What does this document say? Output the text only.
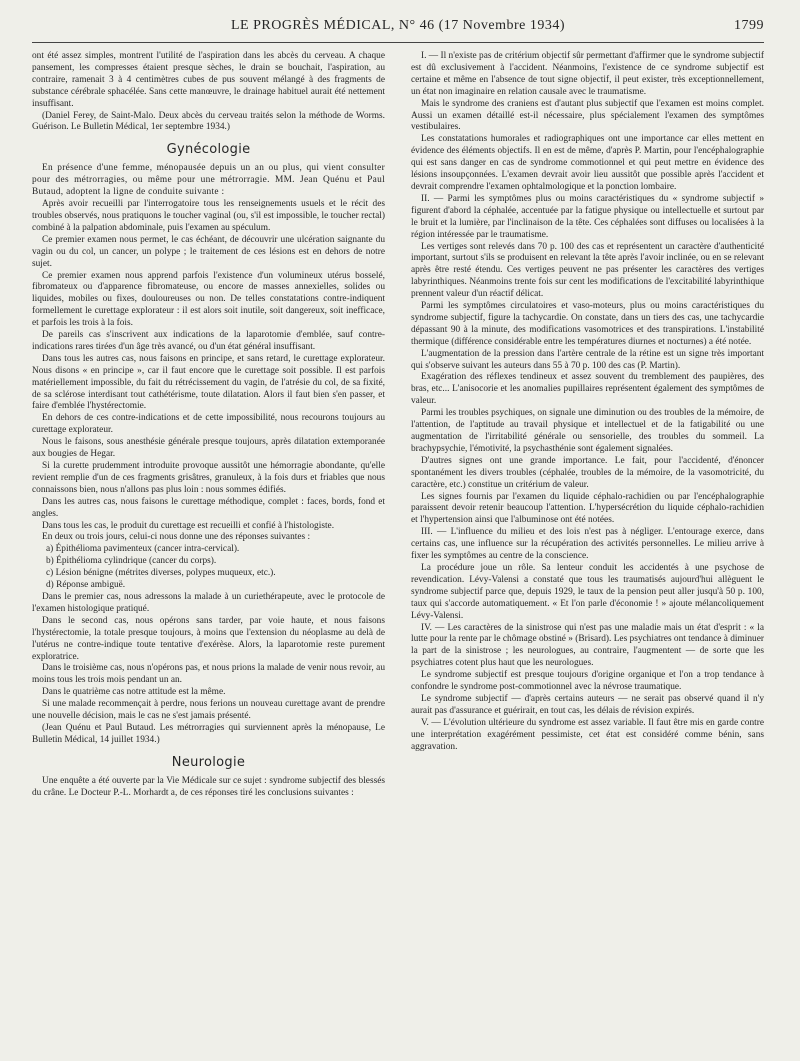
LE PROGRÈS MÉDICAL, N° 46 (17 Novembre 1934)	1799

ont été assez simples, montrent l'utilité de l'aspiration dans les abcès du cerveau. A chaque pansement, les compresses étaient presque sèches, le drain se bouchait, l'aspiration, au contraire, ramenait 3 à 4 centimètres cubes de pus souvent mélangé à des fragments de substance cérébrale sphacélée. Sans cette manœuvre, le drainage habituel aurait été nettement insuffisant.

(Daniel Ferey, de Saint-Malo. Deux abcès du cerveau traités selon la méthode de Worms. Guérison. Le Bulletin Médical, 1er septembre 1934.)

Gynécologie

En présence d'une femme, ménopausée depuis un an ou plus, qui vient consulter pour des métrorragies, ou même pour une métrorragie. MM. Jean Quénu et Paul Butaud, adoptent la ligne de conduite suivante :

Après avoir recueilli par l'interrogatoire tous les renseignements usuels et le récit des troubles observés, nous pratiquons le toucher vaginal (ou, s'il est impossible, le toucher rectal) combiné à la palpation abdominale, puis l'examen au spéculum.

Ce premier examen nous permet, le cas échéant, de découvrir une ulcération saignante du vagin ou du col, un cancer, un polype ; le traitement de ces lésions est en dehors de notre sujet.

Ce premier examen nous apprend parfois l'existence d'un volumineux utérus bosselé, fibromateux ou d'apparence fibromateuse, ou encore de masses annexielles, solides ou liquides, mobiles ou fixes, douloureuses ou non. De telles constatations contre-indiquent formellement le curettage explorateur : il est alors soit inutile, soit dangereux, soit inefficace, et parfois les trois à la fois.

De pareils cas s'inscrivent aux indications de la laparotomie d'emblée, sauf contre-indications rares tirées d'un âge très avancé, ou d'un état général insuffisant.

Dans tous les autres cas, nous faisons en principe, et sans retard, le curettage explorateur. Nous disons « en principe », car il faut encore que le curettage soit possible. Il est parfois matériellement impossible, du fait du rétrécissement du vagin, de l'atrésie du col, de sa fixité, de sa sclérose interdisant tout cathétérisme, toute dilatation. Alors il faut bien s'en passer, et faire d'emblée l'hystérectomie.

En dehors de ces contre-indications et de cette impossibilité, nous recourons toujours au curettage explorateur.

Nous le faisons, sous anesthésie générale presque toujours, après dilatation extemporanée aux bougies de Hegar.

Si la curette prudemment introduite provoque aussitôt une hémorragie abondante, qu'elle revient remplie d'un de ces fragments grisâtres, granuleux, à la fois durs et friables que nous connaissons bien, nous n'allons pas plus loin : nous sommes édifiés.

Dans les autres cas, nous faisons le curettage méthodique, complet : faces, bords, fond et angles.

Dans tous les cas, le produit du curettage est recueilli et confié à l'histologiste.

En deux ou trois jours, celui-ci nous donne une des réponses suivantes :

a) Épithélioma pavimenteux (cancer intra-cervical).

b) Épithélioma cylindrique (cancer du corps).

c) Lésion bénigne (métrites diverses, polypes muqueux, etc.).

d) Réponse ambiguë.

Dans le premier cas, nous adressons la malade à un curiethérapeute, avec le protocole de l'examen histologique pratiqué.

Dans le second cas, nous opérons sans tarder, par voie haute, et nous faisons l'hystérectomie, la totale presque toujours, à moins que l'extension du néoplasme au delà de l'utérus ne contre-indique toute tentative d'exérèse. Alors, la laparotomie reste purement exploratrice.

Dans le troisième cas, nous n'opérons pas, et nous prions la malade de venir nous revoir, au moins tous les trois mois pendant un an.

Dans le quatrième cas notre attitude est la même.

Si une malade recommençait à perdre, nous ferions un nouveau curettage avant de prendre une nouvelle décision, mais le cas ne s'est jamais présenté.

(Jean Quénu et Paul Butaud. Les métrorragies qui surviennent après la ménopause, Le Bulletin Médical, 14 juillet 1934.)

Neurologie

Une enquête a été ouverte par la Vie Médicale sur ce sujet : syndrome subjectif des blessés du crâne. Le Docteur P.-L. Morhardt a, de ces réponses tiré les conclusions suivantes :

I. — Il n'existe pas de critérium objectif sûr permettant d'affirmer que le syndrome subjectif est dû exclusivement à l'accident. Néanmoins, l'existence de ce syndrome subjectif est certaine et même en l'absence de tout signe objectif, il peut exister, très exceptionnellement, un état non imaginaire en relation causale avec le traumatisme.

Mais le syndrome des craniens est d'autant plus subjectif que l'examen est moins complet. Aussi un examen détaillé est-il nécessaire, plus spécialement l'examen des symptômes vestibulaires.

Les constatations humorales et radiographiques ont une importance car elles mettent en évidence des éléments objectifs. Il en est de même, d'après P. Martin, pour l'encéphalographie qui est sans danger en cas de syndrome commotionnel et qui peut mettre en évidence des lésions insoupçonnées. L'examen devrait avoir lieu aussitôt que possible après l'accident et devrait comprendre l'examen ophtalmologique et la ponction lombaire.

II. — Parmi les symptômes plus ou moins caractéristiques du « syndrome subjectif » figurent d'abord la céphalée, accentuée par la fatigue physique ou intellectuelle et surtout par le bruit et la lumière, par l'inclinaison de la tête. Ces céphalées sont diffuses ou localisées à la région intéressée par le traumatisme.

Les vertiges sont relevés dans 70 p. 100 des cas et représentent un caractère d'authenticité important, surtout s'ils se produisent en relevant la tête après l'avoir inclinée, ou en se relevant après être resté étendu. Ces vertiges peuvent ne pas présenter les caractères des vertiges labyrinthiques. Néanmoins trente fois sur cent les modifications de l'excitabilité labyrinthique prennent valeur d'un réactif délicat.

Parmi les symptômes circulatoires et vaso-moteurs, plus ou moins caractéristiques du syndrome subjectif, figure la tachycardie. On constate, dans un tiers des cas, une tachycardie dépassant 90 à la minute, des modifications vasomotrices et des transpirations. L'instabilité thermique (différence considérable entre les températures diurnes et nocturnes) a été notée.

L'augmentation de la pression dans l'artère centrale de la rétine est un signe très important qui s'observe suivant les auteurs dans 55 à 70 p. 100 des cas (P. Martin).

Exagération des réflexes tendineux et assez souvent du tremblement des paupières, des bras, etc... L'anisocorie et les anomalies pupillaires représentent également des symptômes de valeur.

Parmi les troubles psychiques, on signale une diminution ou des troubles de la mémoire, de l'attention, de l'aptitude au travail physique et intellectuel et de la fatigabilité ou une augmentation de l'irritabilité générale ou sensorielle, des troubles du sommeil. La brachypsychie, l'émotivité, la psychasthénie sont également signalées.

D'autres signes ont une grande importance. Le fait, pour l'accidenté, d'énoncer spontanément les divers troubles (céphalée, troubles de la mémoire, de la vasomotricité, du caractère, etc.) constitue un critérium de valeur.

Les signes fournis par l'examen du liquide céphalo-rachidien ou par l'encéphalographie paraissent devoir retenir beaucoup l'attention. L'hypersécrétion du liquide céphalo-rachidien et l'hypertension ainsi que l'albuminose ont été notées.

III. — L'influence du milieu et des lois n'est pas à négliger. L'entourage exerce, dans certains cas, une influence sur la récupération des activités personnelles. Le milieu arrive à fixer les symptômes au centre de la conscience.

La procédure joue un rôle. Sa lenteur conduit les accidentés à une psychose de revendication. Lévy-Valensi a constaté que tous les traumatisés aujourd'hui allèguent le syndrome subjectif parce que, depuis 1929, le taux de la pension peut aller jusqu'à 50 p. 100, taux qui s'accorde automatiquement. « Et l'on parle d'économie ! » ajoute mélancoliquement Lévy-Valensi.

IV. — Les caractères de la sinistrose qui n'est pas une maladie mais un état d'esprit : « la lutte pour la rente par le chômage obstiné » (Brisard). Les psychiatres ont tendance à diminuer la part de la sinistrose ; les neurologues, au contraire, l'augmentent — de sorte que les psychiatres cotent plus haut que les neurologues.

Le syndrome subjectif est presque toujours d'origine organique et l'on a trop tendance à confondre le syndrome post-commotionnel avec la névrose traumatique.

Le syndrome subjectif — d'après certains auteurs — ne serait pas observé quand il n'y aurait pas d'assurance et guérirait, en tout cas, les délais de révision expirés.

V. — L'évolution ultérieure du syndrome est assez variable. Il faut être mis en garde contre une interprétation exagérément pessimiste, cet état est considéré comme bénin, sans aggravation.
